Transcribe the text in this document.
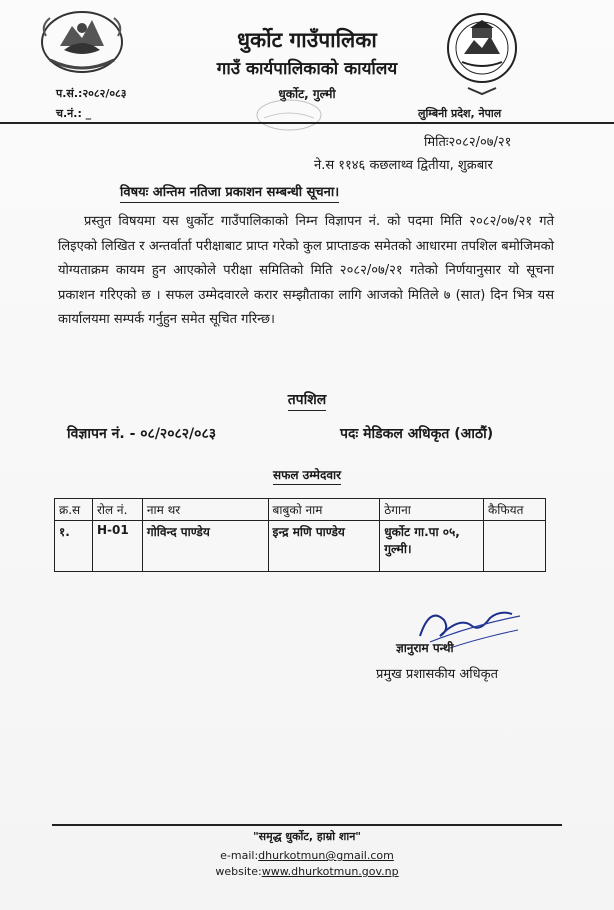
धुर्कोट गाउँपालिका
गाउँ कार्यपालिकाको कार्यालय
धुर्कोट, गुल्मी
प.सं.:२०८२/०८३
च.नं.: _	लुम्बिनी प्रदेश, नेपाल
मितिः२०८२/०७/२१
ने.स ११४६ कछलाथ्व द्वितीया, शुक्रबार
विषयः अन्तिम नतिजा प्रकाशन सम्बन्धी सूचना।
प्रस्तुत विषयमा यस धुर्कोट गाउँपालिकाको निम्न विज्ञापन नं. को पदमा मिति २०८२/०७/२१ गते लिइएको लिखित र अन्तर्वार्ता परीक्षाबाट प्राप्त गरेको कुल प्राप्ताङक समेतको आधारमा तपशिल बमोजिमको योग्यताक्रम कायम हुन आएकोले परीक्षा समितिको मिति २०८२/०७/२१ गतेको निर्णयानुसार यो सूचना प्रकाशन गरिएको छ । सफल उम्मेदवारले करार सम्झौताका लागि आजको मितिले ७ (सात) दिन भित्र यस कार्यालयमा सम्पर्क गर्नुहुन समेत सूचित गरिन्छ।
तपशिल
विज्ञापन नं. - ०८/२०८२/०८३	पदः मेडिकल अधिकृत (आठौं)
सफल उम्मेदवार
क्र.स	रोल नं.	नाम थर	बाबुको नाम	ठेगाना	कैफियत
१.	H-01	गोविन्द पाण्डेय	इन्द्र मणि पाण्डेय	धुर्कोट गा.पा ०५, गुल्मी।	
ज्ञानुराम पन्थी
प्रमुख प्रशासकीय अधिकृत
"समृद्ध धुर्कोट, हाम्रो शान"
e-mail:dhurkotmun@gmail.com
website:www.dhurkotmun.gov.np
